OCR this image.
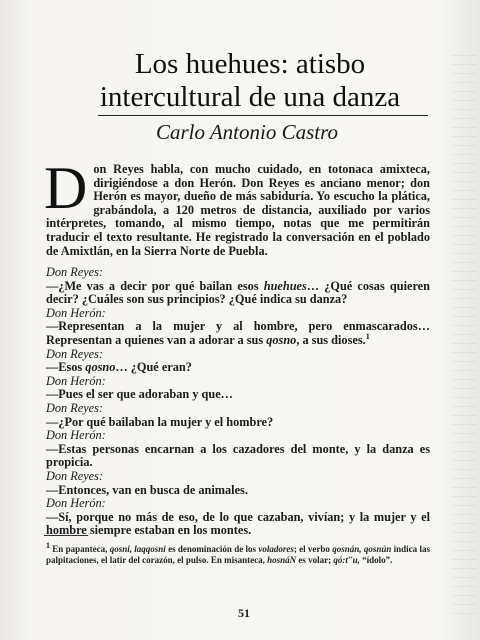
Los huehues: atisbo
intercultural de una danza
Carlo Antonio Castro
Don Reyes habla, con mucho cuidado, en totonaca amixteca, dirigiéndose a don Herón. Don Reyes es anciano menor; don Herón es mayor, dueño de más sabiduría. Yo escucho la plática, grabándola, a 120 metros de distancia, auxiliado por varios intérpretes, tomando, al mismo tiempo, notas que me permitirán traducir el texto resultante. He registrado la conversación en el poblado de Amixtlán, en la Sierra Norte de Puebla.

Don Reyes:

—¿Me vas a decir por qué bailan esos huehues… ¿Qué cosas quieren decir? ¿Cuáles son sus principios? ¿Qué indica su danza?

Don Herón:

—Representan a la mujer y al hombre, pero enmascarados… Representan a quienes van a adorar a sus qosno, a sus dioses.$^1$

Don Reyes:

—Esos qosno… ¿Qué eran?

Don Herón:

—Pues el ser que adoraban y que…

Don Reyes:

—¿Por qué bailaban la mujer y el hombre?

Don Herón:

—Estas personas encarnan a los cazadores del monte, y la danza es propicia.

Don Reyes:

—Entonces, van en busca de animales.

Don Herón:

—Sí, porque no más de eso, de lo que cazaban, vivían; y la mujer y el hombre siempre estaban en los montes.

$^1$ En papanteca, qosni, laqqosni es denominación de los voladores; el verbo qosnán, qosnún indica las palpitaciones, el latir del corazón, el pulso. En misanteca, hosnáN es volar; qó:ť'u, “ídolo”.
51
